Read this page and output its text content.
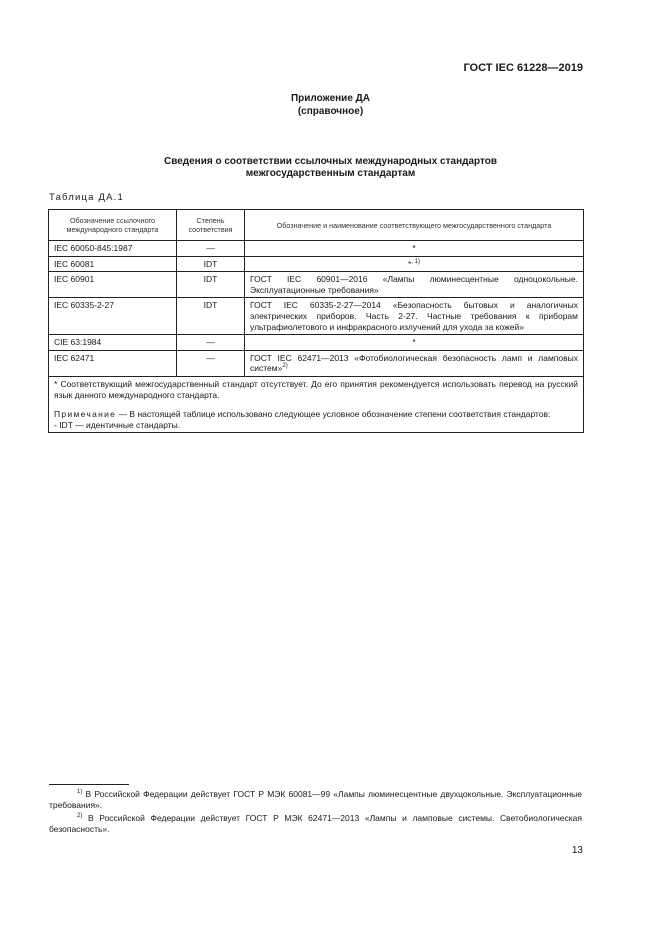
ГОСТ IEC 61228—2019
Приложение ДА
(справочное)
Сведения о соответствии ссылочных международных стандартов
межгосударственным стандартам
Таблица ДА.1
Обозначение ссылочного международного стандарта	Степень соответствия	Обозначение и наименование соответствующего межгосударственного стандарта
IEC 60050-845:1987	—	*
IEC 60081	IDT	*$^{, 1)}$
IEC 60901	IDT	ГОСТ IEC 60901—2016 «Лампы люминесцентные одноцокольные. Эксплуатационные требования»
IEC 60335-2-27	IDT	ГОСТ IEC 60335-2-27—2014 «Безопасность бытовых и аналогичных электрических приборов. Часть 2-27. Частные требования к приборам ультрафиолетового и инфракрасного излучений для ухода за кожей»
CIE 63:1984	—	*
IEC 62471	—	ГОСТ IEC 62471—2013 «Фотобиологическая безопасность ламп и ламповых систем»$^{2)}$

* Соответствующий межгосударственный стандарт отсутствует. До его принятия рекомендуется использовать перевод на русский язык данного международного стандарта.

Примечание — В настоящей таблице использовано следующее условное обозначение степени соответствия стандартов:

- IDT — идентичные стандарты.		

$^{1)}$ В Российской Федерации действует ГОСТ Р МЭК 60081—99 «Лампы люминесцентные двухцокольные. Эксплуатационные требования».
$^{2)}$ В Российской Федерации действует ГОСТ Р МЭК 62471—2013 «Лампы и ламповые системы. Светобиологическая безопасность».
13
